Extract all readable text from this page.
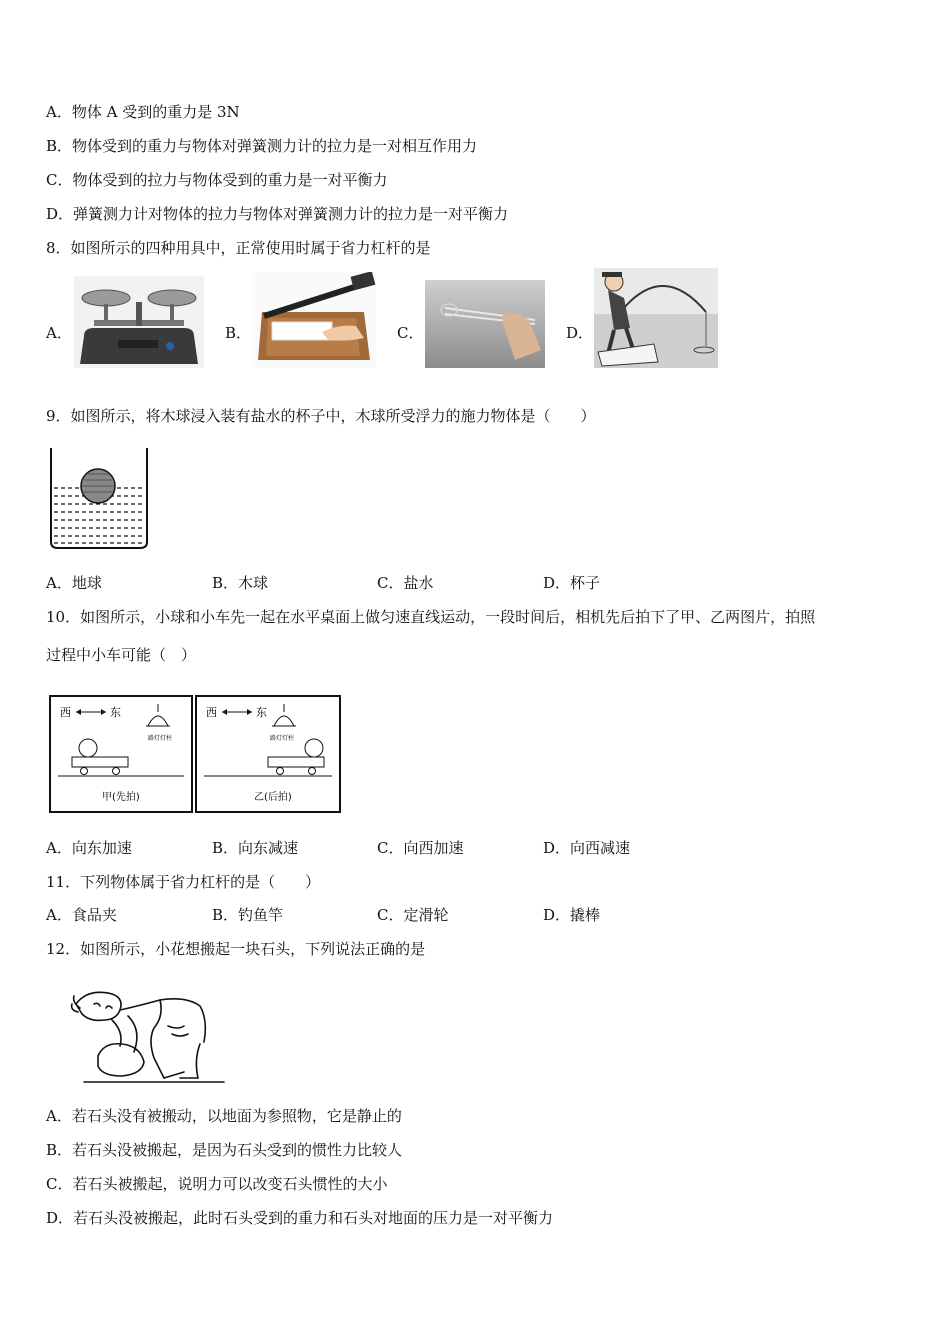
A．物体 A 受到的重力是 3N
B．物体受到的重力与物体对弹簧测力计的拉力是一对相互作用力
C．物体受到的拉力与物体受到的重力是一对平衡力
D．弹簧测力计对物体的拉力与物体对弹簧测力计的拉力是一对平衡力
8．如图所示的四种用具中，正常使用时属于省力杠杆的是
A．	B．	C．	D．
9．如图所示，将木球浸入装有盐水的杯子中，木球所受浮力的施力物体是（　　）
A．地球	B．木球	C．盐水	D．杯子
10．如图所示，小球和小车先一起在水平桌面上做匀速直线运动，一段时间后，相机先后拍下了甲、乙两图片，拍照
过程中小车可能（　）
西	东
路灯灯柱
甲(先拍)
西	东
路灯灯柱
乙(后拍)
A．向东加速	B．向东减速	C．向西加速	D．向西减速
11．下列物体属于省力杠杆的是（　　）
A．食品夹	B．钓鱼竿	C．定滑轮	D．撬棒
12．如图所示，小花想搬起一块石头，下列说法正确的是
A．若石头没有被搬动，以地面为参照物，它是静止的
B．若石头没被搬起，是因为石头受到的惯性力比较人
C．若石头被搬起，说明力可以改变石头惯性的大小
D．若石头没被搬起，此时石头受到的重力和石头对地面的压力是一对平衡力
